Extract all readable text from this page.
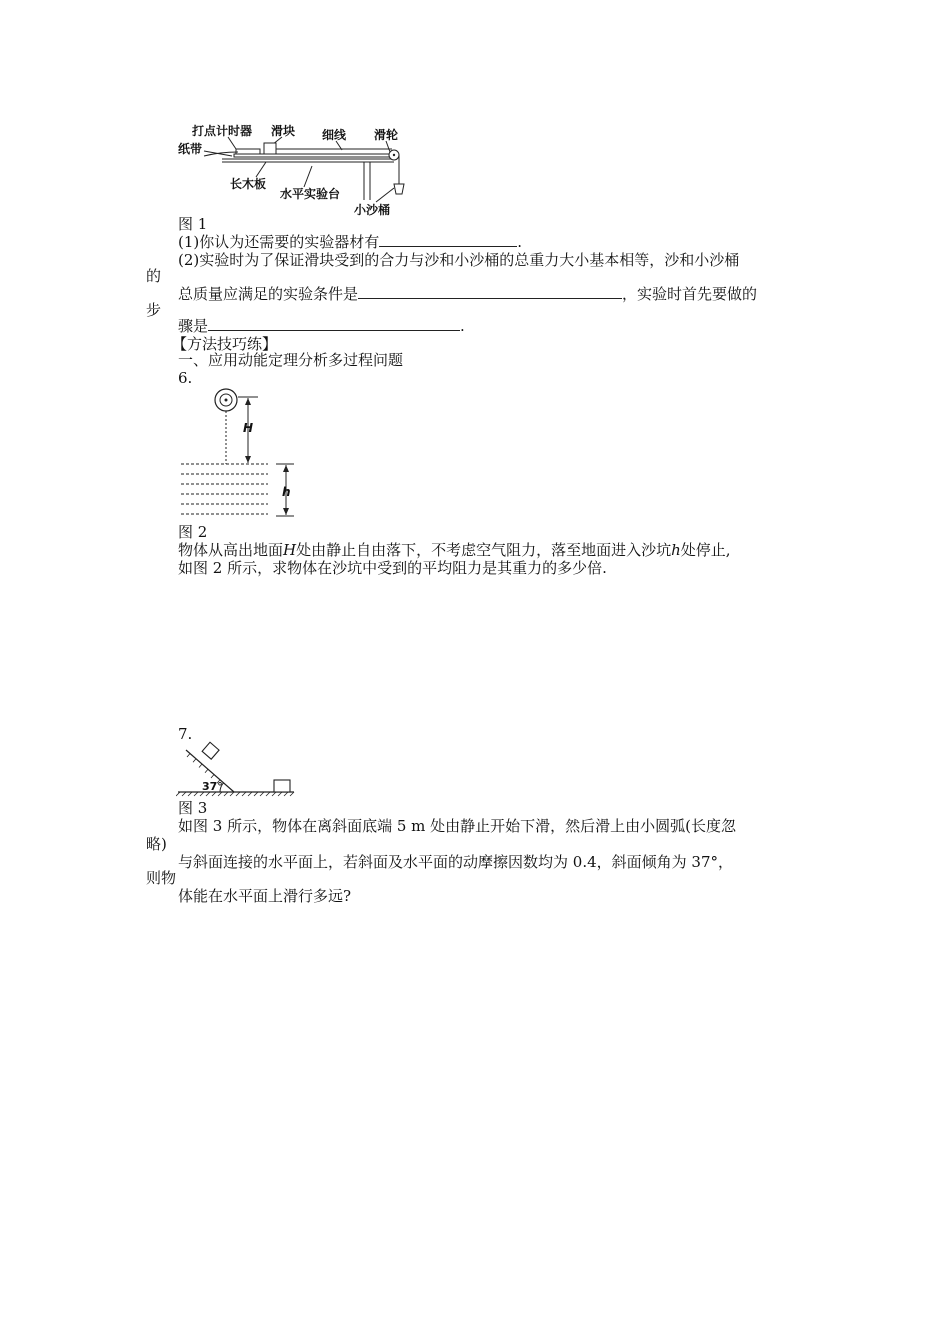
打点计时器 滑块 细线 滑轮
纸带
长木板
水平实验台
小沙桶
图 1
(1)你认为还需要的实验器材有	.
(2)实验时为了保证滑块受到的合力与沙和小沙桶的总重力大小基本相等，沙和小沙桶
的
总质量应满足的实验条件是	，实验时首先要做的
步
骤是	.
【方法技巧练】
一、应用动能定理分析多过程问题
6.
H
h
图 2
物体从高出地面H处由静止自由落下，不考虑空气阻力，落至地面进入沙坑h处停止,
如图 2 所示，求物体在沙坑中受到的平均阻力是其重力的多少倍.
7.
37°
图 3
如图 3 所示，物体在离斜面底端 5 m 处由静止开始下滑，然后滑上由小圆弧(长度忽
略)
与斜面连接的水平面上，若斜面及水平面的动摩擦因数均为 0.4，斜面倾角为 37°，
则物
体能在水平面上滑行多远?
